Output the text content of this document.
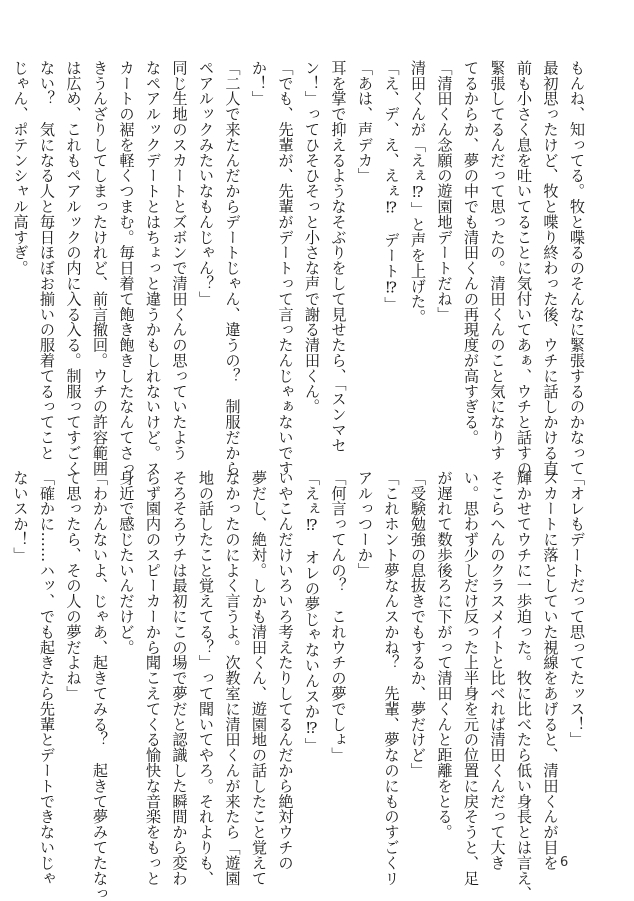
もんね、知ってる。牧と喋るのそんなに緊張するのかなって
最初思ったけど、牧と喋り終わった後、ウチに話しかける直
前も小さく息を吐いてることに気付いてあぁ、ウチと話すの
緊張してるんだって思ったの。清田くんのこと気になりす
てるからか、夢の中でも清田くんの再現度が高すぎる。
「清田くん念願の遊園地デートだね」
清田くんが「えぇ⁉」と声を上げた。
「え、デ、え、えぇ⁉　デート⁉」
「あは、声デカ」
耳を掌で抑えるようなそぶりをして見せたら、「スンマセ
ン！」ってひそひそっと小さな声で謝る清田くん。
「でも、先輩が、先輩がデートって言ったんじゃぁないです
か！」
「二人で来たんだからデートじゃん、違うの？　制服だから
ペアルックみたいなもんじゃん？」
同じ生地のスカートとズボンで清田くんの思っていたよう
なペアルックデートとはちょっと違うかもしれないけど。ス
カートの裾を軽くつまむ。毎日着て飽き飽きしたなんてさっ
きうんざりしてしまったけれど、前言撤回。ウチの許容範囲
は広め、これもペアルックの内に入る入る。制服ってすごく
ない？　気になる人と毎日ほぼお揃いの服着てるってこと
じゃん、ポテンシャル高すぎ。
「オレもデートだって思ってたッス！」
スカートに落としていた視線をあげると、清田くんが目を
輝かせてウチに一歩迫った。牧に比べたら低い身長とは言え、
そこらへんのクラスメイトと比べれば清田くんだって大き
い。思わず少しだけ反った上半身を元の位置に戻そうと、足
が遅れて数歩後ろに下がって清田くんと距離をとる。
「受験勉強の息抜きでもするか、夢だけど」
「これホント夢なんスかね？　先輩、夢なのにものすごくリ
アルっつーか」
「何言ってんの？　これウチの夢でしょ」
「えぇ⁉　オレの夢じゃないんスか⁉」
いやこんだけいろいろ考えたりしてるんだから絶対ウチの
夢だし、絶対。しかも清田くん、遊園地の話したこと覚えて
なかったのによく言うよ。次教室に清田くんが来たら「遊園
地の話したこと覚えてる？」って聞いてやろ。それよりも、
そろそろウチは最初にこの場で夢だと認識した瞬間から変わ
らず園内のスピーカーから聞こえてくる愉快な音楽をもっと
身近で感じたいんだけど。
「わかんないよ、じゃあ、起きてみる？　起きて夢みてたなっ
て思ったら、その人の夢だよね」
「確かに……ハッ、でも起きたら先輩とデートできないじゃ
ないスか！」
6
